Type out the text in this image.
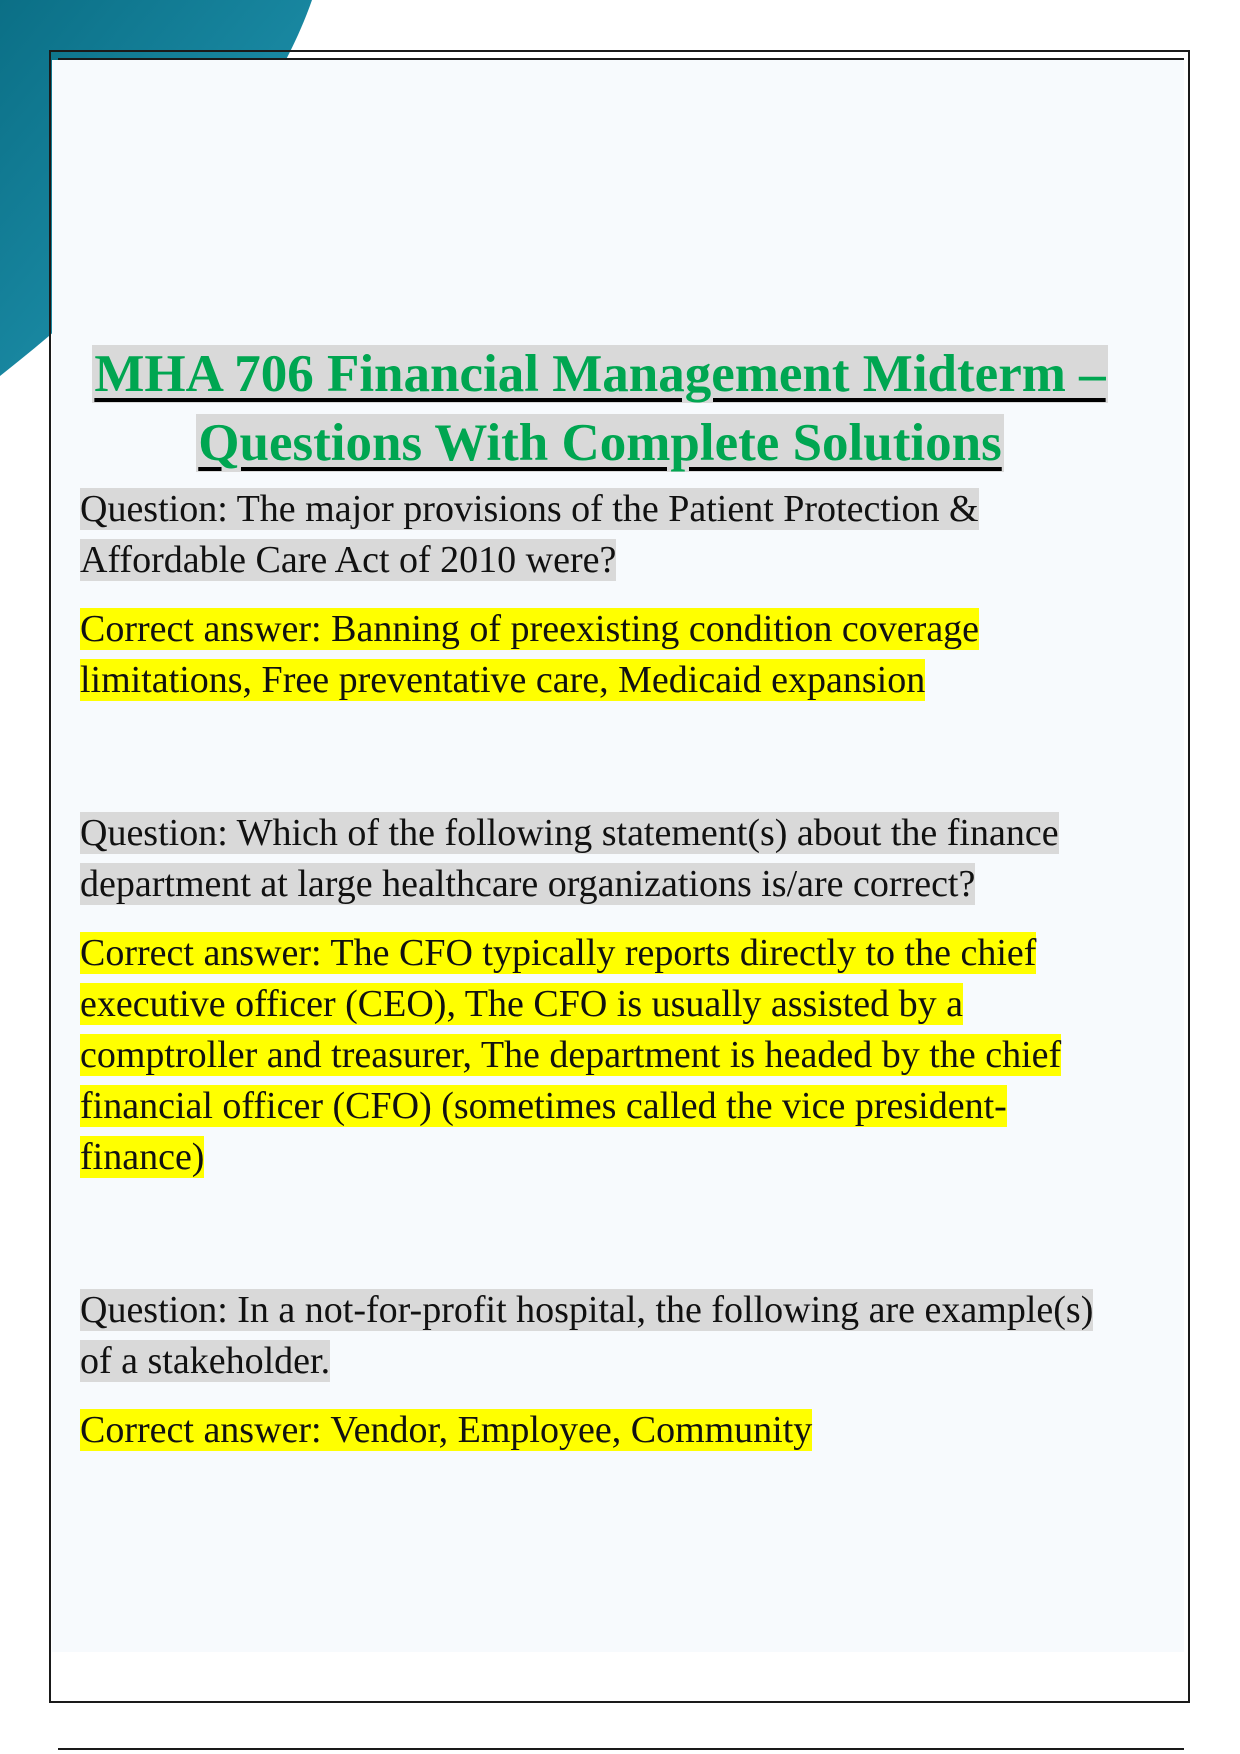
MHA 706 Financial Management Midterm – Questions With Complete Solutions

Question: The major provisions of the Patient Protection & Affordable Care Act of 2010 were?

Correct answer: Banning of preexisting condition coverage limitations, Free preventative care, Medicaid expansion

Question: Which of the following statement(s) about the finance department at large healthcare organizations is/are correct?

Correct answer: The CFO typically reports directly to the chief executive officer (CEO), The CFO is usually assisted by a comptroller and treasurer, The department is headed by the chief financial officer (CFO) (sometimes called the vice president-finance)

Question: In a not-for-profit hospital, the following are example(s) of a stakeholder.

Correct answer: Vendor, Employee, Community
